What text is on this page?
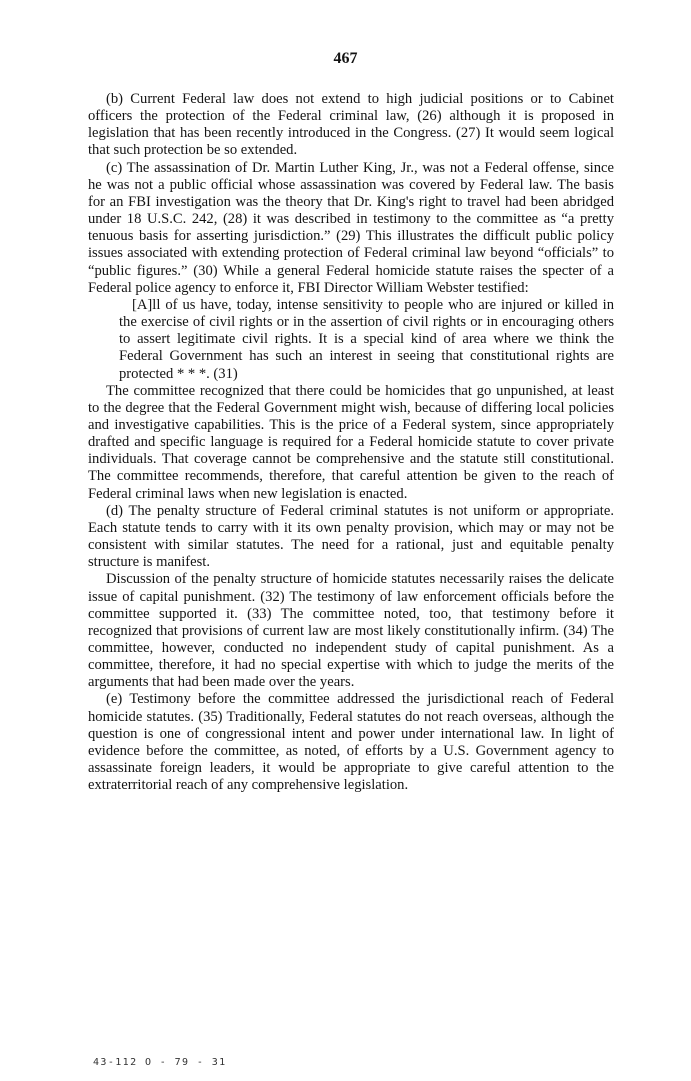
467

(b) Current Federal law does not extend to high judicial positions or to Cabinet officers the protection of the Federal criminal law, (26) although it is proposed in legislation that has been recently introduced in the Congress. (27) It would seem logical that such protection be so extended.

(c) The assassination of Dr. Martin Luther King, Jr., was not a Federal offense, since he was not a public official whose assassination was covered by Federal law. The basis for an FBI investigation was the theory that Dr. King's right to travel had been abridged under 18 U.S.C. 242, (28) it was described in testimony to the committee as “a pretty tenuous basis for asserting jurisdiction.” (29) This illustrates the difficult public policy issues associated with extending protection of Federal criminal law beyond “officials” to “public figures.” (30) While a general Federal homicide statute raises the specter of a Federal police agency to enforce it, FBI Director William Webster testified:

[A]ll of us have, today, intense sensitivity to people who are injured or killed in the exercise of civil rights or in the assertion of civil rights or in encouraging others to assert legitimate civil rights. It is a special kind of area where we think the Federal Government has such an interest in seeing that constitutional rights are protected * * *. (31)

The committee recognized that there could be homicides that go unpunished, at least to the degree that the Federal Government might wish, because of differing local policies and investigative capabilities. This is the price of a Federal system, since appropriately drafted and specific language is required for a Federal homicide statute to cover private individuals. That coverage cannot be comprehensive and the statute still constitutional. The committee recommends, therefore, that careful attention be given to the reach of Federal criminal laws when new legislation is enacted.

(d) The penalty structure of Federal criminal statutes is not uniform or appropriate. Each statute tends to carry with it its own penalty provision, which may or may not be consistent with similar statutes. The need for a rational, just and equitable penalty structure is manifest.

Discussion of the penalty structure of homicide statutes necessarily raises the delicate issue of capital punishment. (32) The testimony of law enforcement officials before the committee supported it. (33) The committee noted, too, that testimony before it recognized that provisions of current law are most likely constitutionally infirm. (34) The committee, however, conducted no independent study of capital punishment. As a committee, therefore, it had no special expertise with which to judge the merits of the arguments that had been made over the years.

(e) Testimony before the committee addressed the jurisdictional reach of Federal homicide statutes. (35) Traditionally, Federal statutes do not reach overseas, although the question is one of congressional intent and power under international law. In light of evidence before the committee, as noted, of efforts by a U.S. Government agency to assassinate foreign leaders, it would be appropriate to give careful attention to the extraterritorial reach of any comprehensive legislation.

43-112 O - 79 - 31
